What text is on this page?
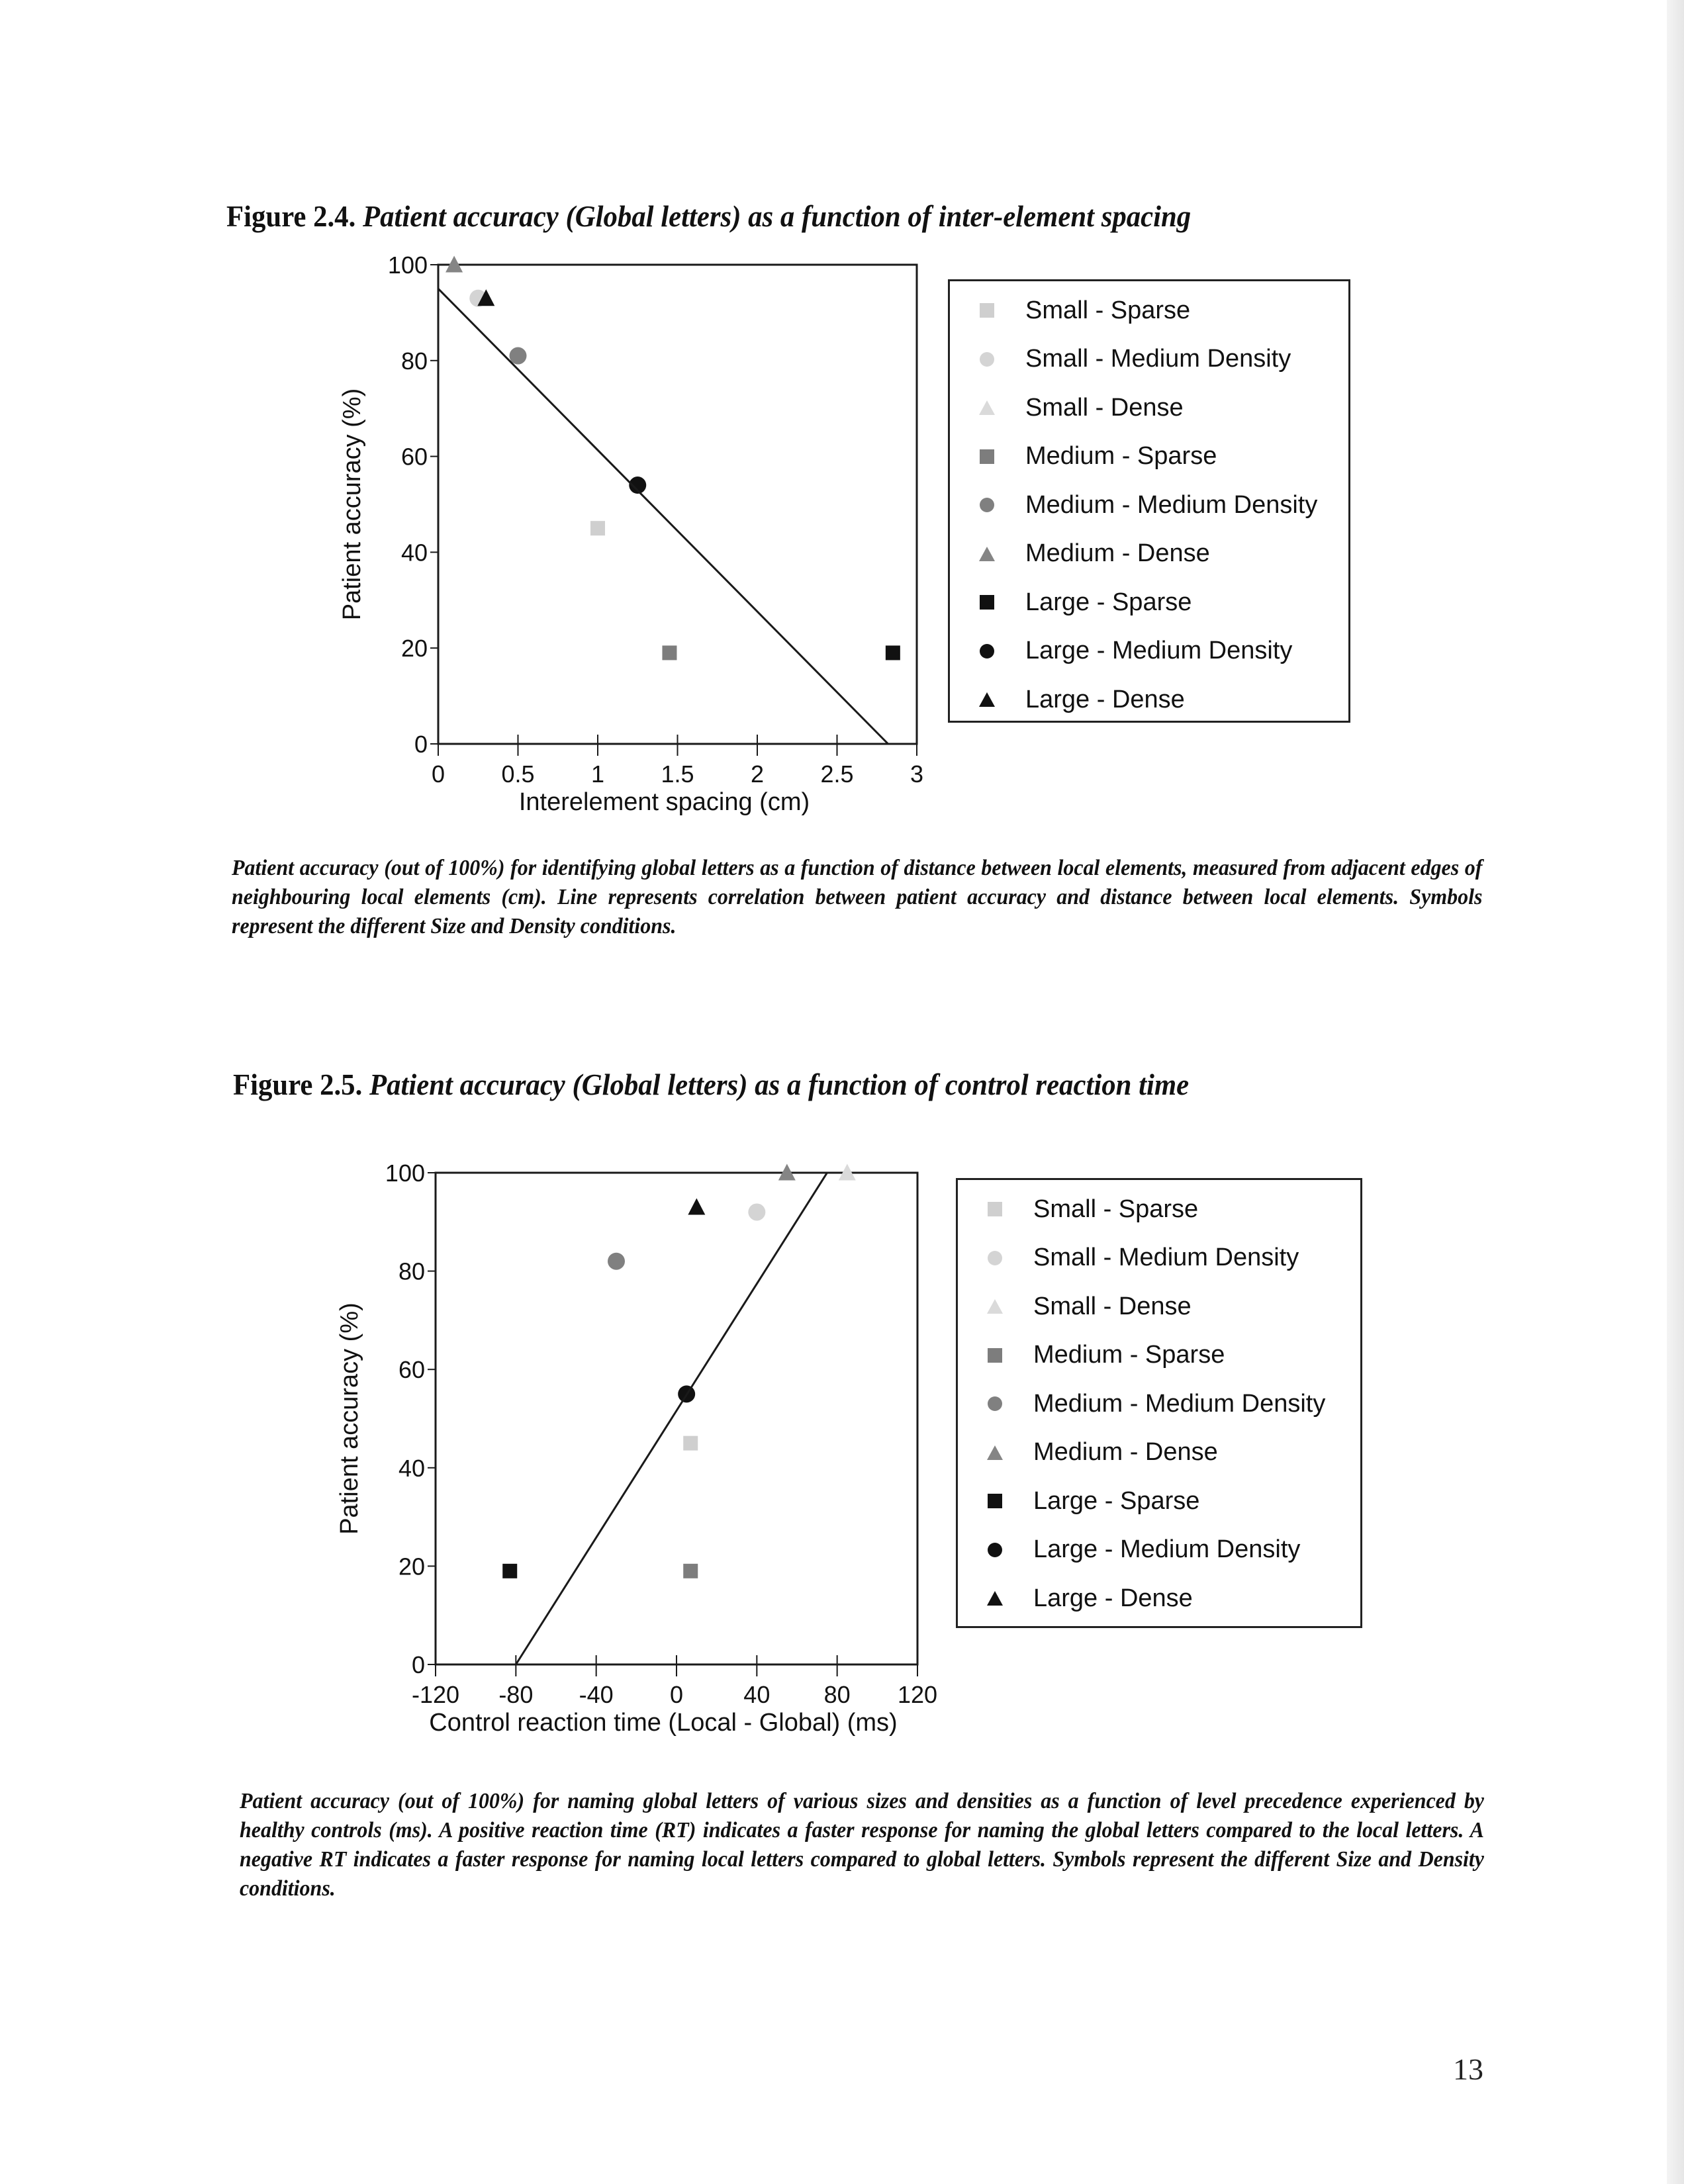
Figure 2.4. Patient accuracy (Global letters) as a function of inter-element spacing
0
20
40
60
80
100
0 0.5 1 1.5 2 2.5 3
Interelement spacing (cm)
Patient accuracy (%)
Small - Sparse
Small - Medium Density
Small - Dense
Medium - Sparse
Medium - Medium Density
Medium - Dense
Large - Sparse
Large - Medium Density
Large - Dense
Patient accuracy (out of 100%) for identifying global letters as a function of distance between local elements, measured from adjacent edges of neighbouring local elements (cm). Line represents correlation between patient accuracy and distance between local elements. Symbols represent the different Size and Density conditions.
Figure 2.5. Patient accuracy (Global letters) as a function of control reaction time
0
20
40
60
80
100
-120 -80 -40 0	40 80 120
Control reaction time (Local - Global) (ms)
Patient accuracy (%)
Small - Sparse
Small - Medium Density
Small - Dense
Medium - Sparse
Medium - Medium Density
Medium - Dense
Large - Sparse
Large - Medium Density
Large - Dense
Patient accuracy (out of 100%) for naming global letters of various sizes and densities as a function of level precedence experienced by healthy controls (ms). A positive reaction time (RT) indicates a faster response for naming the global letters compared to the local letters. A negative RT indicates a faster response for naming local letters compared to global letters. Symbols represent the different Size and Density conditions.
13
